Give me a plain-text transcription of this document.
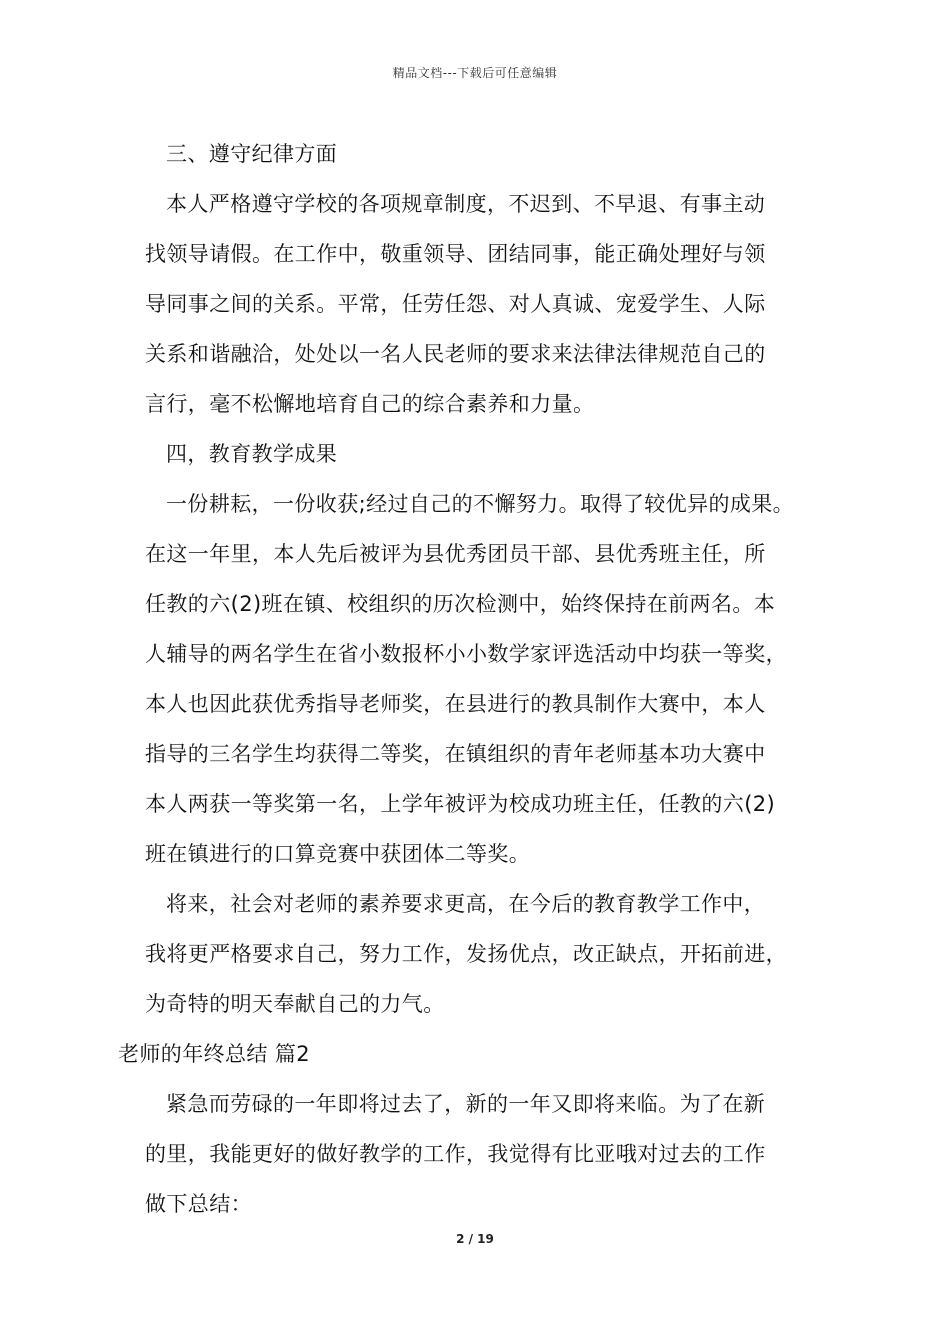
精品文档---下载后可任意编辑
三、遵守纪律方面
本人严格遵守学校的各项规章制度，不迟到、不早退、有事主动
找领导请假。在工作中，敬重领导、团结同事，能正确处理好与领
导同事之间的关系。平常，任劳任怨、对人真诚、宠爱学生、人际
关系和谐融洽，处处以一名人民老师的要求来法律法律规范自己的
言行，毫不松懈地培育自己的综合素养和力量。
四，教育教学成果
一份耕耘，一份收获;经过自己的不懈努力。取得了较优异的成果。
在这一年里，本人先后被评为县优秀团员干部、县优秀班主任，所
任教的六(2)班在镇、校组织的历次检测中，始终保持在前两名。本
人辅导的两名学生在省小数报杯小小数学家评选活动中均获一等奖，
本人也因此获优秀指导老师奖，在县进行的教具制作大赛中，本人
指导的三名学生均获得二等奖，在镇组织的青年老师基本功大赛中
本人两获一等奖第一名，上学年被评为校成功班主任，任教的六(2)
班在镇进行的口算竞赛中获团体二等奖。
将来，社会对老师的素养要求更高，在今后的教育教学工作中，
我将更严格要求自己，努力工作，发扬优点，改正缺点，开拓前进，
为奇特的明天奉献自己的力气。
老师的年终总结 篇2
紧急而劳碌的一年即将过去了，新的一年又即将来临。为了在新
的里，我能更好的做好教学的工作，我觉得有比亚哦对过去的工作
做下总结：
2 / 19
